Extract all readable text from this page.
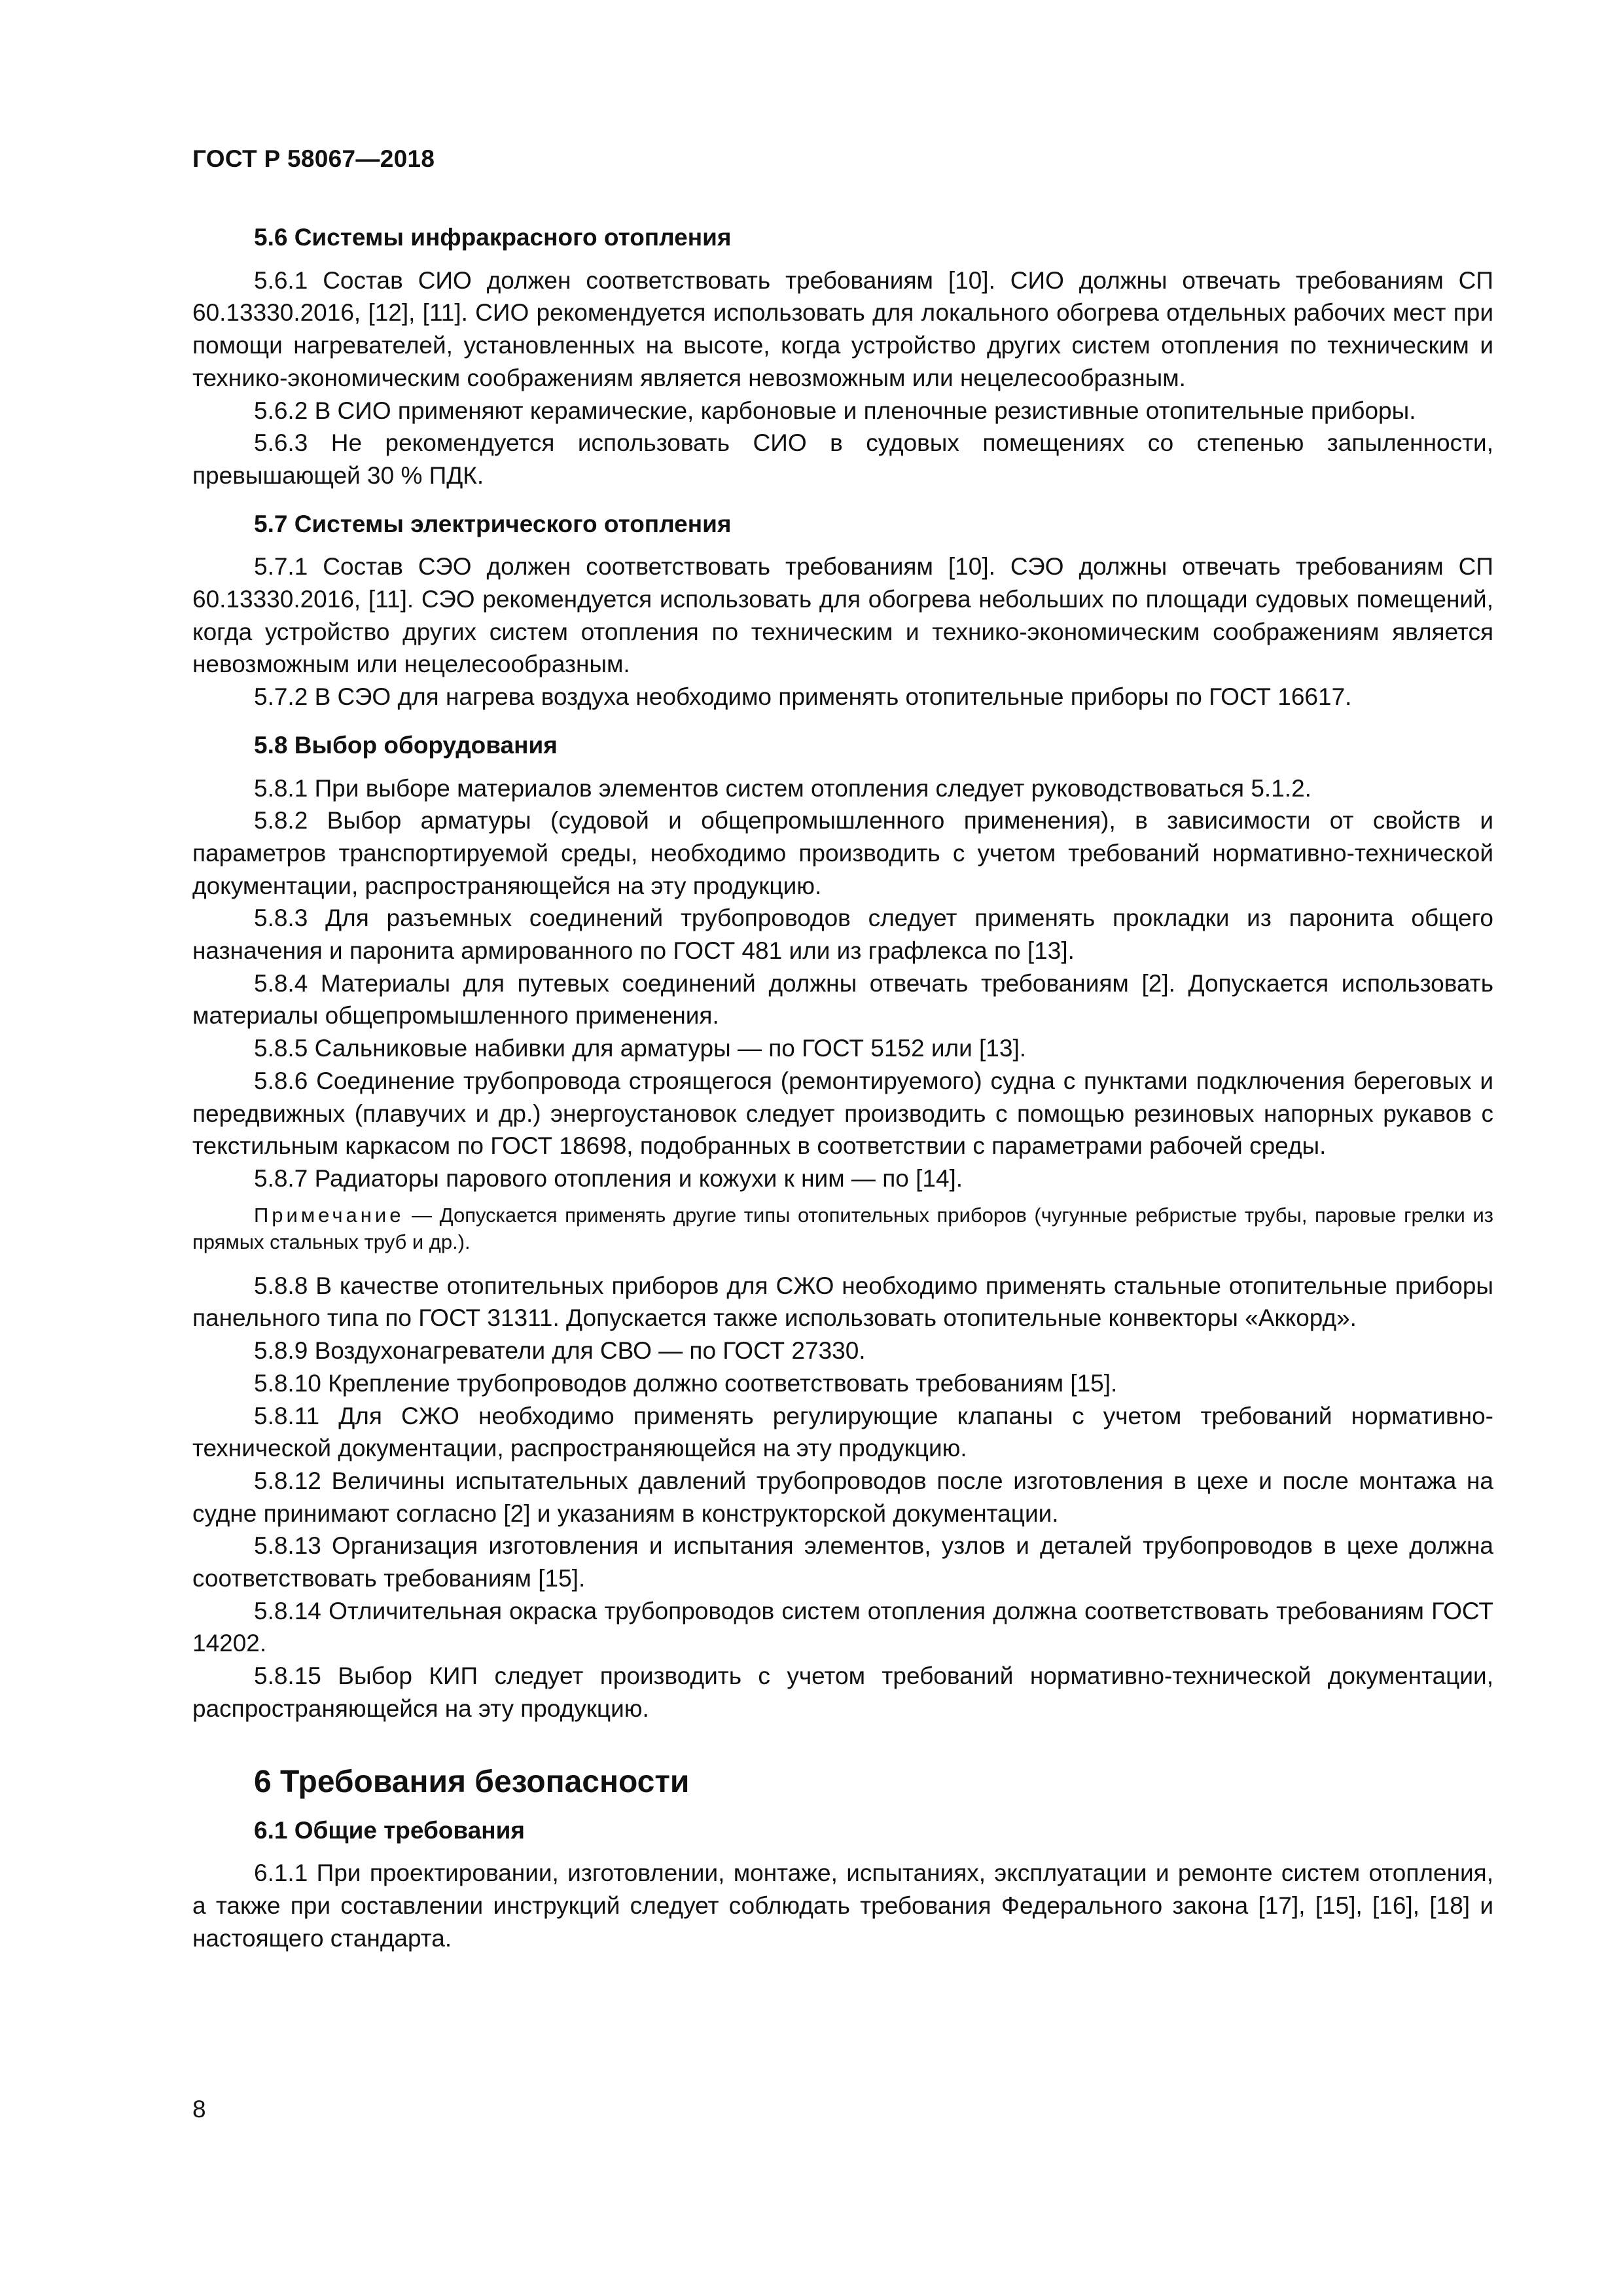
ГОСТ Р 58067—2018
5.6 Системы инфракрасного отопления

5.6.1 Состав СИО должен соответствовать требованиям [10]. СИО должны отвечать требованиям СП 60.13330.2016, [12], [11]. СИО рекомендуется использовать для локального обогрева отдельных рабочих мест при помощи нагревателей, установленных на высоте, когда устройство других систем отопления по техническим и технико-экономическим соображениям является невозможным или нецелесообразным.

5.6.2 В СИО применяют керамические, карбоновые и пленочные резистивные отопительные приборы.

5.6.3 Не рекомендуется использовать СИО в судовых помещениях со степенью запыленности, превышающей 30 % ПДК.

5.7 Системы электрического отопления

5.7.1 Состав СЭО должен соответствовать требованиям [10]. СЭО должны отвечать требованиям СП 60.13330.2016, [11]. СЭО рекомендуется использовать для обогрева небольших по площади судовых помещений, когда устройство других систем отопления по техническим и технико-экономическим соображениям является невозможным или нецелесообразным.

5.7.2 В СЭО для нагрева воздуха необходимо применять отопительные приборы по ГОСТ 16617.

5.8 Выбор оборудования

5.8.1 При выборе материалов элементов систем отопления следует руководствоваться 5.1.2.

5.8.2 Выбор арматуры (судовой и общепромышленного применения), в зависимости от свойств и параметров транспортируемой среды, необходимо производить с учетом требований нормативно-технической документации, распространяющейся на эту продукцию.

5.8.3 Для разъемных соединений трубопроводов следует применять прокладки из паронита общего назначения и паронита армированного по ГОСТ 481 или из графлекса по [13].

5.8.4 Материалы для путевых соединений должны отвечать требованиям [2]. Допускается использовать материалы общепромышленного применения.

5.8.5 Сальниковые набивки для арматуры — по ГОСТ 5152 или [13].

5.8.6 Соединение трубопровода строящегося (ремонтируемого) судна с пунктами подключения береговых и передвижных (плавучих и др.) энергоустановок следует производить с помощью резиновых напорных рукавов с текстильным каркасом по ГОСТ 18698, подобранных в соответствии с параметрами рабочей среды.

5.8.7 Радиаторы парового отопления и кожухи к ним — по [14].

Примечание — Допускается применять другие типы отопительных приборов (чугунные ребристые трубы, паровые грелки из прямых стальных труб и др.).

5.8.8 В качестве отопительных приборов для СЖО необходимо применять стальные отопительные приборы панельного типа по ГОСТ 31311. Допускается также использовать отопительные конвекторы «Аккорд».

5.8.9 Воздухонагреватели для СВО — по ГОСТ 27330.

5.8.10 Крепление трубопроводов должно соответствовать требованиям [15].

5.8.11 Для СЖО необходимо применять регулирующие клапаны с учетом требований нормативно-технической документации, распространяющейся на эту продукцию.

5.8.12 Величины испытательных давлений трубопроводов после изготовления в цехе и после монтажа на судне принимают согласно [2] и указаниям в конструкторской документации.

5.8.13 Организация изготовления и испытания элементов, узлов и деталей трубопроводов в цехе должна соответствовать требованиям [15].

5.8.14 Отличительная окраска трубопроводов систем отопления должна соответствовать требованиям ГОСТ 14202.

5.8.15 Выбор КИП следует производить с учетом требований нормативно-технической документации, распространяющейся на эту продукцию.

6 Требования безопасности
6.1 Общие требования

6.1.1 При проектировании, изготовлении, монтаже, испытаниях, эксплуатации и ремонте систем отопления, а также при составлении инструкций следует соблюдать требования Федерального закона [17], [15], [16], [18] и настоящего стандарта.

8
